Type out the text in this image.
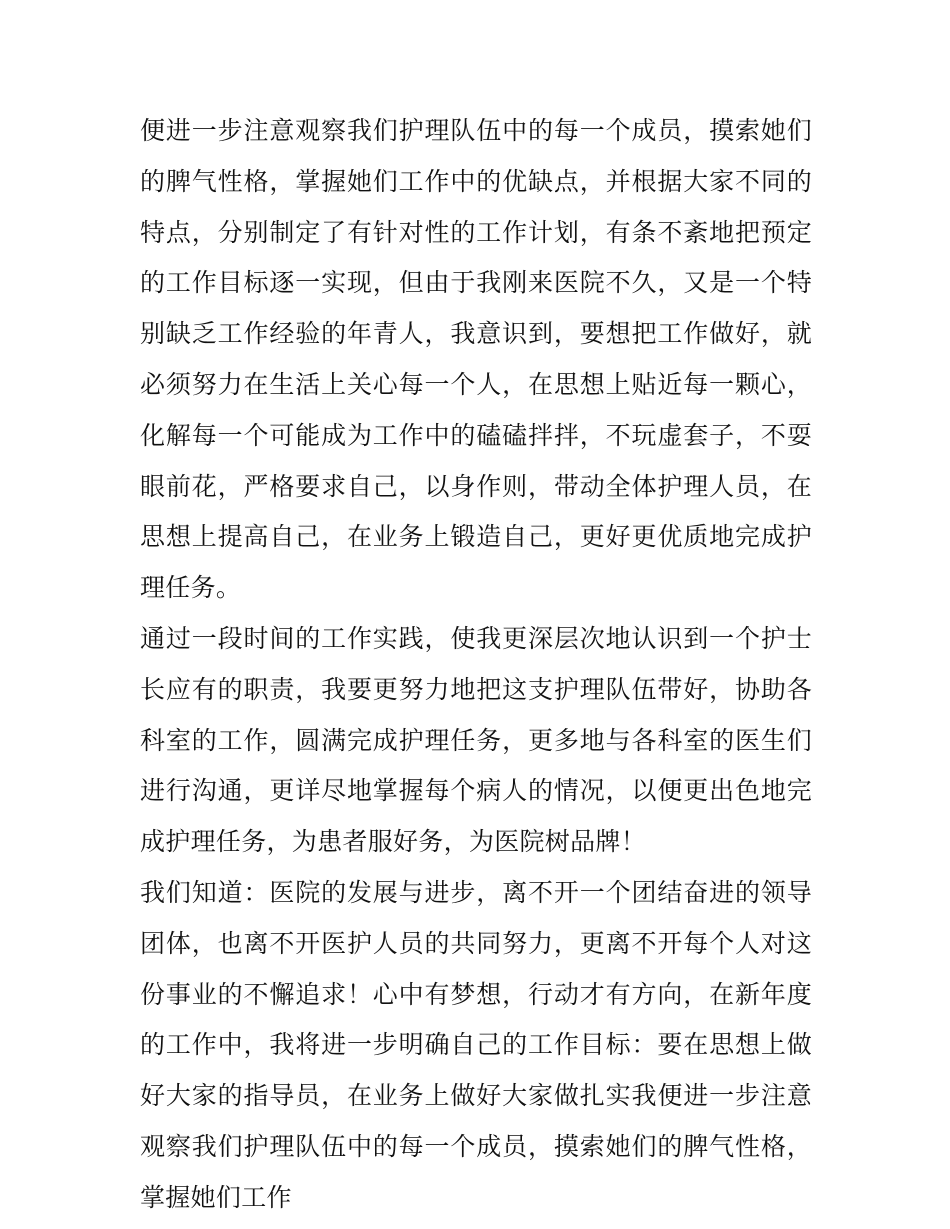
便进一步注意观察我们护理队伍中的每一个成员，摸索她们的脾气性格，掌握她们工作中的优缺点，并根据大家不同的特点，分别制定了有针对性的工作计划，有条不紊地把预定的工作目标逐一实现，但由于我刚来医院不久，又是一个特别缺乏工作经验的年青人，我意识到，要想把工作做好，就必须努力在生活上关心每一个人，在思想上贴近每一颗心，化解每一个可能成为工作中的磕磕拌拌，不玩虚套子，不耍眼前花，严格要求自己，以身作则，带动全体护理人员，在思想上提高自己，在业务上锻造自己，更好更优质地完成护理任务。

通过一段时间的工作实践，使我更深层次地认识到一个护士长应有的职责，我要更努力地把这支护理队伍带好，协助各科室的工作，圆满完成护理任务，更多地与各科室的医生们进行沟通，更详尽地掌握每个病人的情况，以便更出色地完成护理任务，为患者服好务，为医院树品牌！

我们知道：医院的发展与进步，离不开一个团结奋进的领导团体，也离不开医护人员的共同努力，更离不开每个人对这份事业的不懈追求！心中有梦想，行动才有方向，在新年度的工作中，我将进一步明确自己的工作目标：要在思想上做好大家的指导员，在业务上做好大家做扎实我便进一步注意观察我们护理队伍中的每一个成员，摸索她们的脾气性格，掌握她们工作
